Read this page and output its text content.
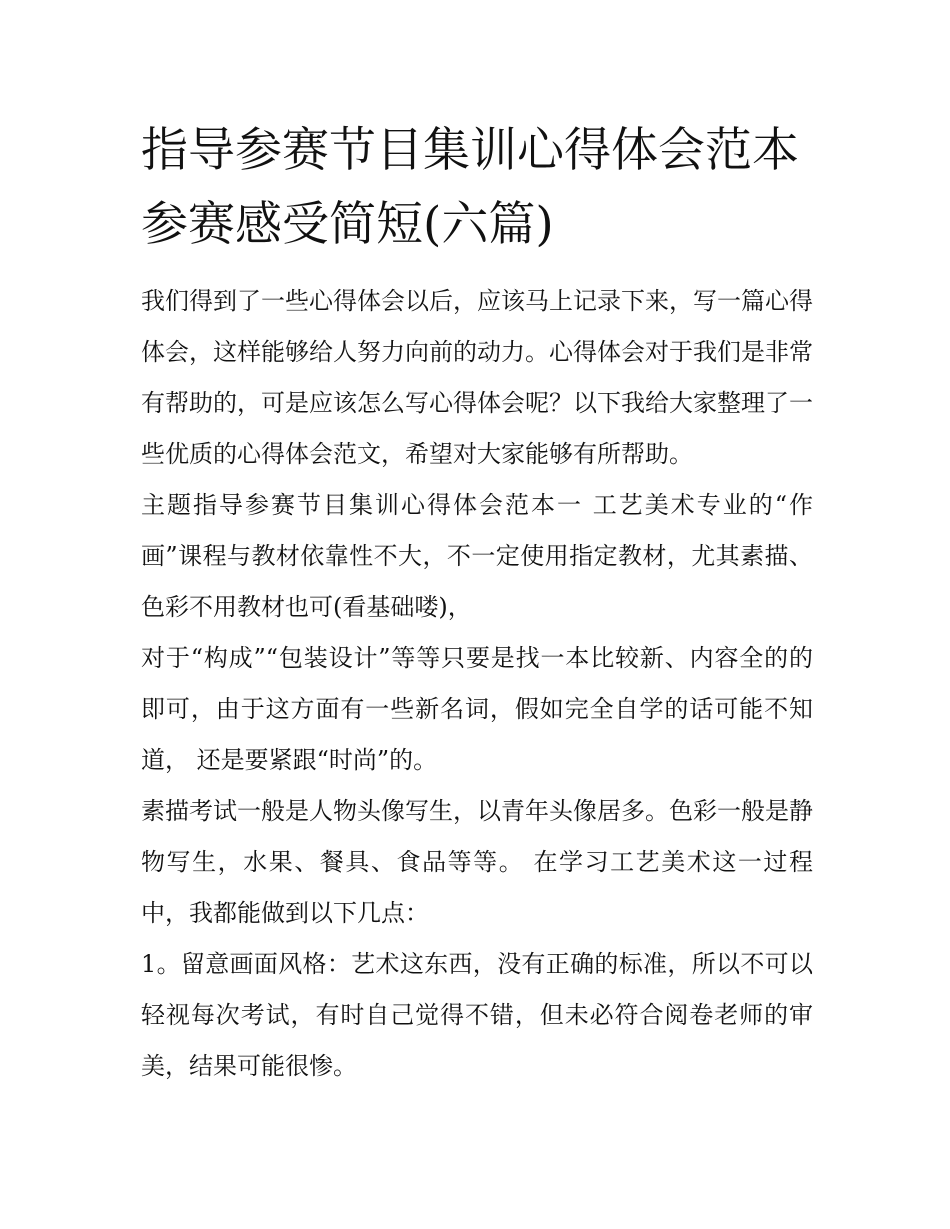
指导参赛节目集训心得体会范本 参赛感受简短(六篇)

我们得到了一些心得体会以后，应该马上记录下来，写一篇心得体会，这样能够给人努力向前的动力。心得体会对于我们是非常有帮助的，可是应该怎么写心得体会呢？以下我给大家整理了一些优质的心得体会范文，希望对大家能够有所帮助。

主题指导参赛节目集训心得体会范本一 工艺美术专业的“作画”课程与教材依靠性不大，不一定使用指定教材，尤其素描、色彩不用教材也可(看基础喽)，

对于“构成”“包装设计”等等只要是找一本比较新、内容全的的即可，由于这方面有一些新名词，假如完全自学的话可能不知道， 还是要紧跟“时尚”的。

素描考试一般是人物头像写生，以青年头像居多。色彩一般是静物写生，水果、餐具、食品等等。 在学习工艺美术这一过程中，我都能做到以下几点：

1。留意画面风格：艺术这东西，没有正确的标准，所以不可以轻视每次考试，有时自己觉得不错，但未必符合阅卷老师的审美，结果可能很惨。
